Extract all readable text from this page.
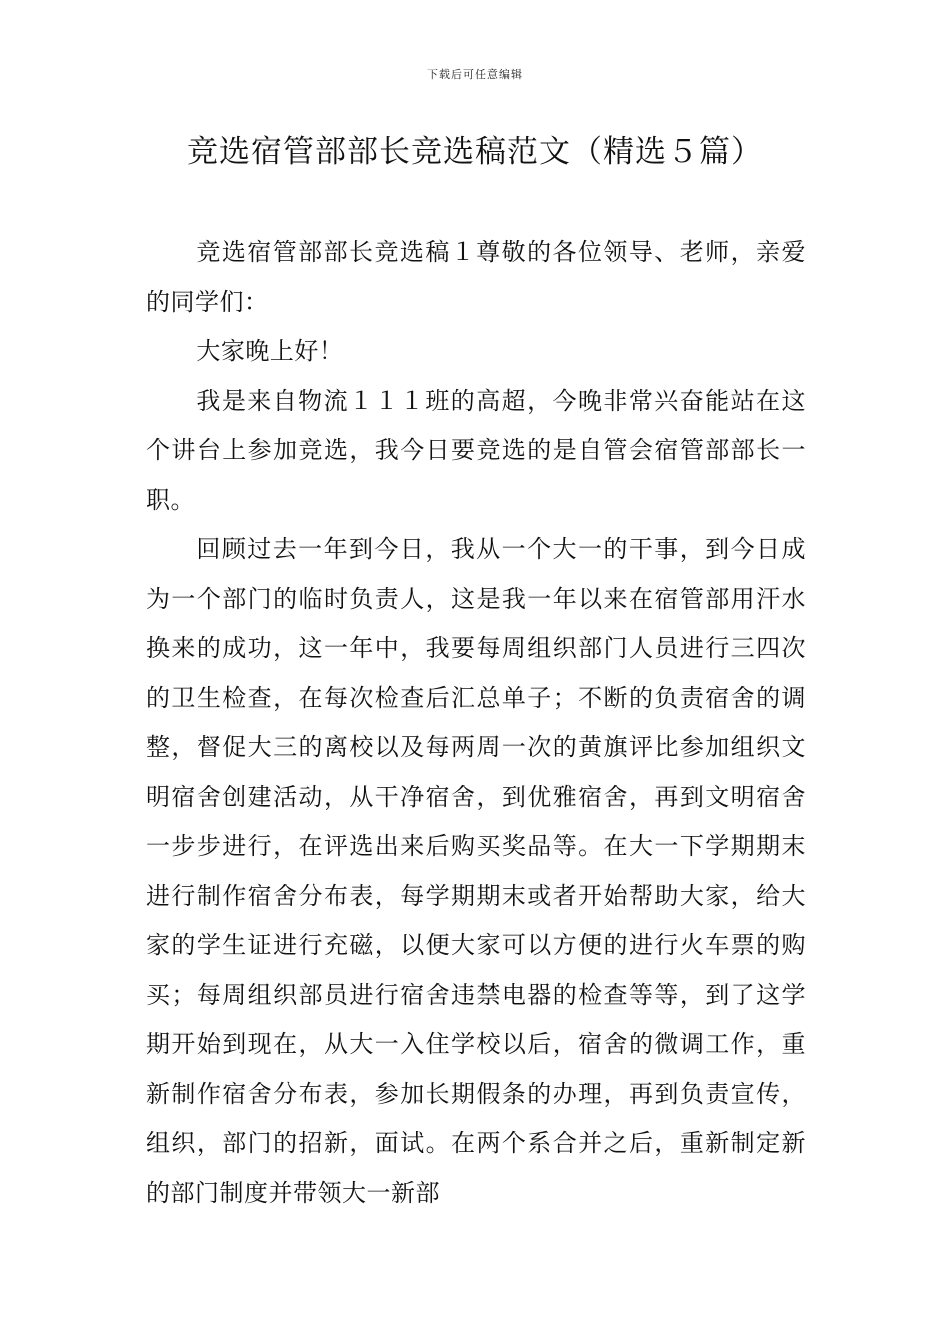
下载后可任意编辑
竞选宿管部部长竞选稿范文（精选５篇）

竞选宿管部部长竞选稿１尊敬的各位领导、老师，亲爱的同学们：

大家晚上好！

我是来自物流１１１班的高超，今晚非常兴奋能站在这个讲台上参加竞选，我今日要竞选的是自管会宿管部部长一职。

回顾过去一年到今日，我从一个大一的干事，到今日成为一个部门的临时负责人，这是我一年以来在宿管部用汗水换来的成功，这一年中，我要每周组织部门人员进行三四次的卫生检查，在每次检查后汇总单子；不断的负责宿舍的调整，督促大三的离校以及每两周一次的黄旗评比参加组织文明宿舍创建活动，从干净宿舍，到优雅宿舍，再到文明宿舍一步步进行，在评选出来后购买奖品等。在大一下学期期末进行制作宿舍分布表，每学期期末或者开始帮助大家，给大家的学生证进行充磁，以便大家可以方便的进行火车票的购买；每周组织部员进行宿舍违禁电器的检查等等，到了这学期开始到现在，从大一入住学校以后，宿舍的微调工作，重新制作宿舍分布表，参加长期假条的办理，再到负责宣传，组织，部门的招新，面试。在两个系合并之后，重新制定新的部门制度并带领大一新部
